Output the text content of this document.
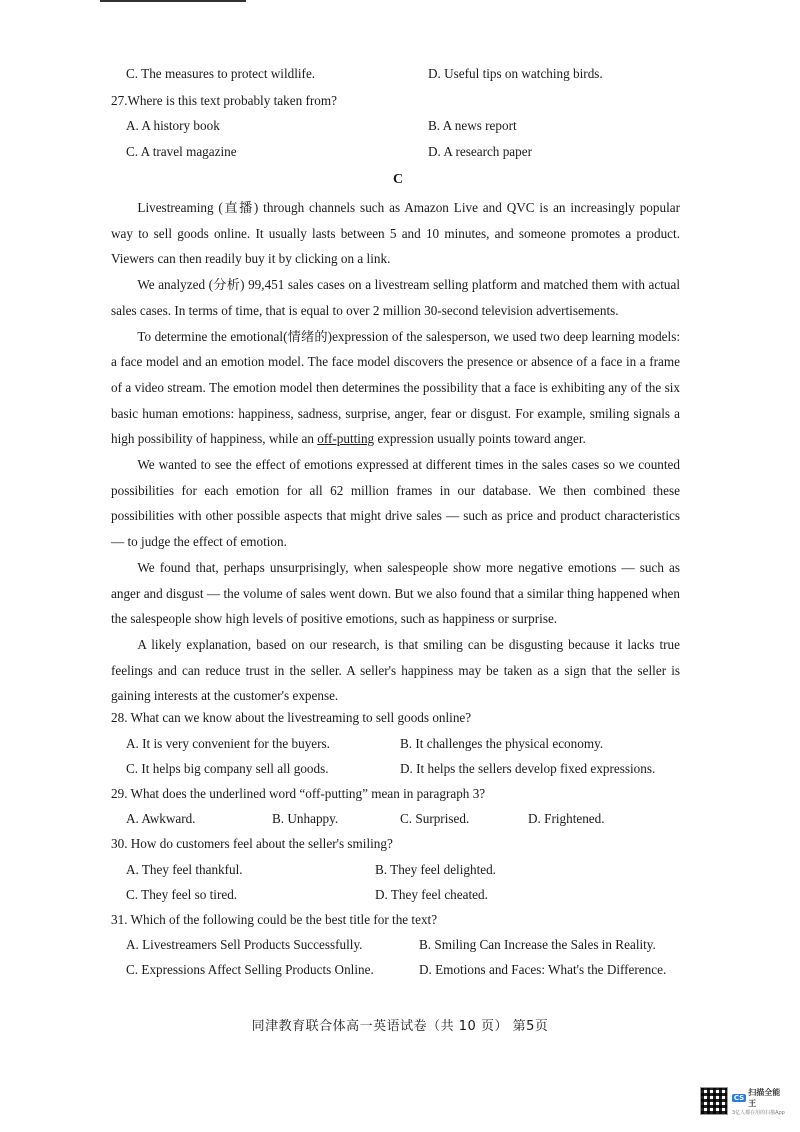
C. The measures to protect wildlife.	D. Useful tips on watching birds.
27.Where is this text probably taken from?
A. A history book	B. A news report
C. A travel magazine	D. A research paper
C

Livestreaming (直播) through channels such as Amazon Live and QVC is an increasingly popular way to sell goods online. It usually lasts between 5 and 10 minutes, and someone promotes a product. Viewers can then readily buy it by clicking on a link.

We analyzed (分析) 99,451 sales cases on a livestream selling platform and matched them with actual sales cases. In terms of time, that is equal to over 2 million 30-second television advertisements.

To determine the emotional(情绪的)expression of the salesperson, we used two deep learning models: a face model and an emotion model. The face model discovers the presence or absence of a face in a frame of a video stream. The emotion model then determines the possibility that a face is exhibiting any of the six basic human emotions: happiness, sadness, surprise, anger, fear or disgust. For example, smiling signals a high possibility of happiness, while an off-putting expression usually points toward anger.

We wanted to see the effect of emotions expressed at different times in the sales cases so we counted possibilities for each emotion for all 62 million frames in our database. We then combined these possibilities with other possible aspects that might drive sales — such as price and product characteristics — to judge the effect of emotion.

We found that, perhaps unsurprisingly, when salespeople show more negative emotions — such as anger and disgust — the volume of sales went down. But we also found that a similar thing happened when the salespeople show high levels of positive emotions, such as happiness or surprise.

A likely explanation, based on our research, is that smiling can be disgusting because it lacks true feelings and can reduce trust in the seller. A seller's happiness may be taken as a sign that the seller is gaining interests at the customer's expense.

28. What can we know about the livestreaming to sell goods online?
A. It is very convenient for the buyers.	B. It challenges the physical economy.
C. It helps big company sell all goods.	D. It helps the sellers develop fixed expressions.
29. What does the underlined word “off-putting” mean in paragraph 3?
A. Awkward.	B. Unhappy.	C. Surprised.	D. Frightened.
30. How do customers feel about the seller's smiling?
A. They feel thankful.	B. They feel delighted.
C. They feel so tired.	D. They feel cheated.
31. Which of the following could be the best title for the text?
A. Livestreamers Sell Products Successfully.	B. Smiling Can Increase the Sales in Reality.
C. Expressions Affect Selling Products Online.	D. Emotions and Faces: What's the Difference.
同津教育联合体高一英语试卷（共 10 页） 第5页
CS
扫描全能王
3亿人都在用的扫描App
